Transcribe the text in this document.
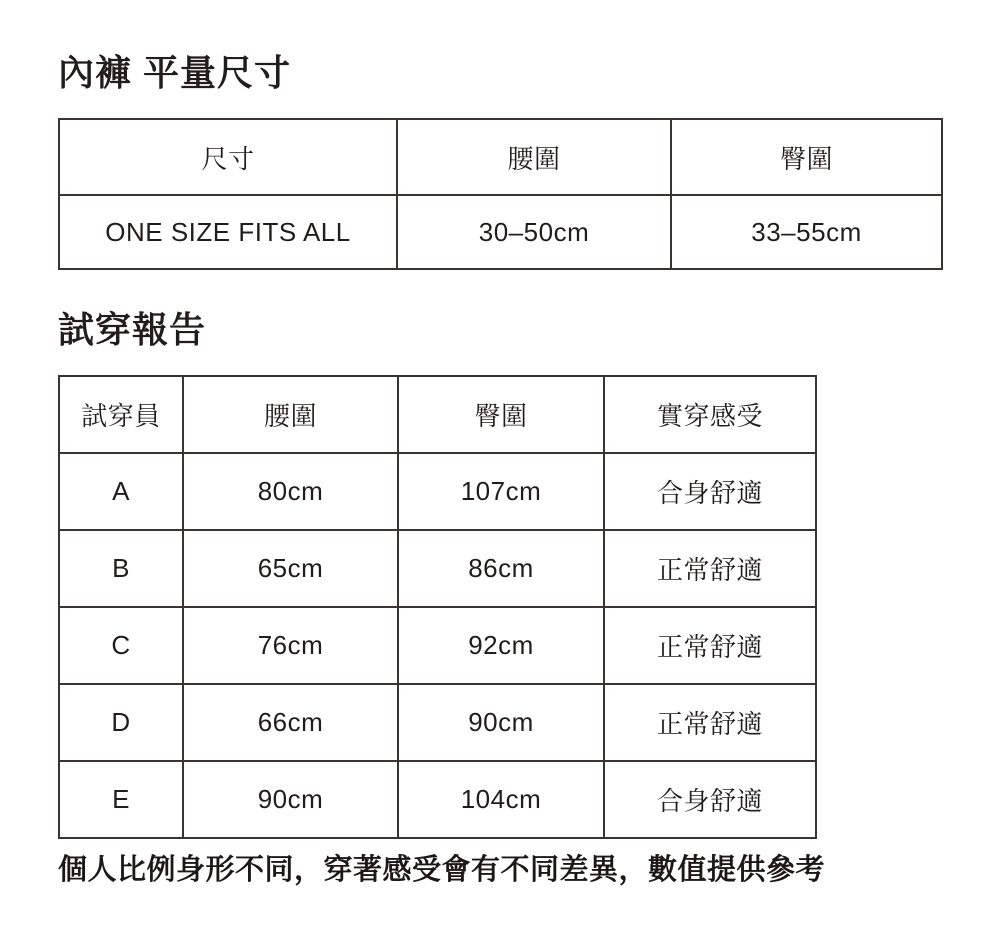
內褲 平量尺寸
尺寸	腰圍	臀圍
ONE SIZE FITS ALL	30–50cm	33–55cm
試穿報告
試穿員	腰圍	臀圍	實穿感受
A	80cm	107cm	合身舒適
B	65cm	86cm	正常舒適
C	76cm	92cm	正常舒適
D	66cm	90cm	正常舒適
E	90cm	104cm	合身舒適
個人比例身形不同，穿著感受會有不同差異，數值提供參考
